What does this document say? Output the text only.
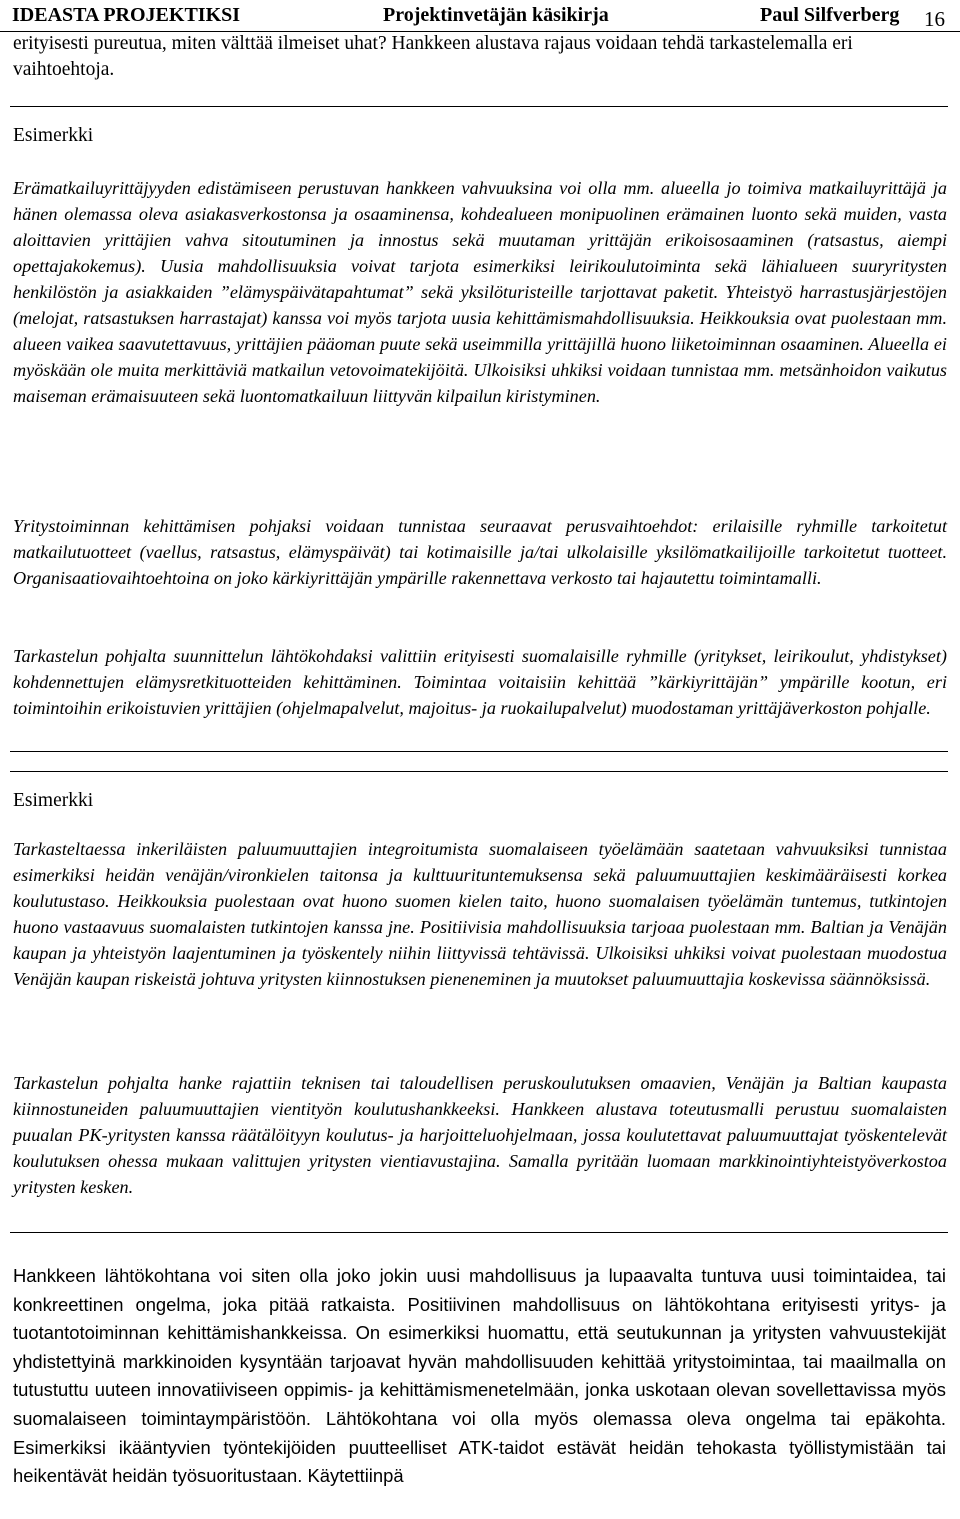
IDEASTA PROJEKTIKSI	Projektinvetäjän käsikirja	Paul Silfverberg 16

erityisesti pureutua, miten välttää ilmeiset uhat? Hankkeen alustava rajaus voidaan tehdä tarkastelemalla eri vaihtoehtoja.

Esimerkki

Erämatkailuyrittäjyyden edistämiseen perustuvan hankkeen vahvuuksina voi olla mm. alueella jo toimiva matkailuyrittäjä ja hänen olemassa oleva asiakasverkostonsa ja osaaminensa, kohdealueen monipuolinen erämainen luonto sekä muiden, vasta aloittavien yrittäjien vahva sitoutuminen ja innostus sekä muutaman yrittäjän erikoisosaaminen (ratsastus, aiempi opettajakokemus). Uusia mahdollisuuksia voivat tarjota esimerkiksi leirikoulutoiminta sekä lähialueen suuryritysten henkilöstön ja asiakkaiden ”elämyspäivätapahtumat” sekä yksilöturisteille tarjottavat paketit. Yhteistyö harrastusjärjestöjen (melojat, ratsastuksen harrastajat) kanssa voi myös tarjota uusia kehittämismahdollisuuksia. Heikkouksia ovat puolestaan mm. alueen vaikea saavutettavuus, yrittäjien pääoman puute sekä useimmilla yrittäjillä huono liiketoiminnan osaaminen. Alueella ei myöskään ole muita merkittäviä matkailun vetovoimatekijöitä. Ulkoisiksi uhkiksi voidaan tunnistaa mm. metsänhoidon vaikutus maiseman erämaisuuteen sekä luontomatkailuun liittyvän kilpailun kiristyminen.

Yritystoiminnan kehittämisen pohjaksi voidaan tunnistaa seuraavat perusvaihtoehdot: erilaisille ryhmille tarkoitetut matkailutuotteet (vaellus, ratsastus, elämyspäivät) tai kotimaisille ja/tai ulkolaisille yksilömatkailijoille tarkoitetut tuotteet. Organisaatiovaihtoehtoina on joko kärkiyrittäjän ympärille rakennettava verkosto tai hajautettu toimintamalli.

Tarkastelun pohjalta suunnittelun lähtökohdaksi valittiin erityisesti suomalaisille ryhmille (yritykset, leirikoulut, yhdistykset) kohdennettujen elämysretkituotteiden kehittäminen. Toimintaa voitaisiin kehittää ”kärkiyrittäjän” ympärille kootun, eri toimintoihin erikoistuvien yrittäjien (ohjelmapalvelut, majoitus- ja ruokailupalvelut) muodostaman yrittäjäverkoston pohjalle.

Esimerkki

Tarkasteltaessa inkeriläisten paluumuuttajien integroitumista suomalaiseen työelämään saatetaan vahvuuksiksi tunnistaa esimerkiksi heidän venäjän/vironkielen taitonsa ja kulttuurituntemuksensa sekä paluumuuttajien keskimääräisesti korkea koulutustaso. Heikkouksia puolestaan ovat huono suomen kielen taito, huono suomalaisen työelämän tuntemus, tutkintojen huono vastaavuus suomalaisten tutkintojen kanssa jne. Positiivisia mahdollisuuksia tarjoaa puolestaan mm. Baltian ja Venäjän kaupan ja yhteistyön laajentuminen ja työskentely niihin liittyvissä tehtävissä. Ulkoisiksi uhkiksi voivat puolestaan muodostua Venäjän kaupan riskeistä johtuva yritysten kiinnostuksen pieneneminen ja muutokset paluumuuttajia koskevissa säännöksissä.

Tarkastelun pohjalta hanke rajattiin teknisen tai taloudellisen peruskoulutuksen omaavien, Venäjän ja Baltian kaupasta kiinnostuneiden paluumuuttajien vientityön koulutushankkeeksi. Hankkeen alustava toteutusmalli perustuu suomalaisten puualan PK-yritysten kanssa räätälöityyn koulutus- ja harjoitteluohjelmaan, jossa koulutettavat paluumuuttajat työskentelevät koulutuksen ohessa mukaan valittujen yritysten vientiavustajina. Samalla pyritään luomaan markkinointiyhteistyöverkostoa yritysten kesken.

Hankkeen lähtökohtana voi siten olla joko jokin uusi mahdollisuus ja lupaavalta tuntuva uusi toimintaidea, tai konkreettinen ongelma, joka pitää ratkaista. Positiivinen mahdollisuus on lähtökohtana erityisesti yritys- ja tuotantotoiminnan kehittämishankkeissa. On esimerkiksi huomattu, että seutukunnan ja yritysten vahvuustekijät yhdistettyinä markkinoiden kysyntään tarjoavat hyvän mahdollisuuden kehittää yritystoimintaa, tai maailmalla on tutustuttu uuteen innovatiiviseen oppimis- ja kehittämismenetelmään, jonka uskotaan olevan sovellettavissa myös suomalaiseen toimintaympäristöön. Lähtökohtana voi olla myös olemassa oleva ongelma tai epäkohta. Esimerkiksi ikääntyvien työntekijöiden puutteelliset ATK-taidot estävät heidän tehokasta työllistymistään tai heikentävät heidän työsuoritustaan. Käytettiinpä
